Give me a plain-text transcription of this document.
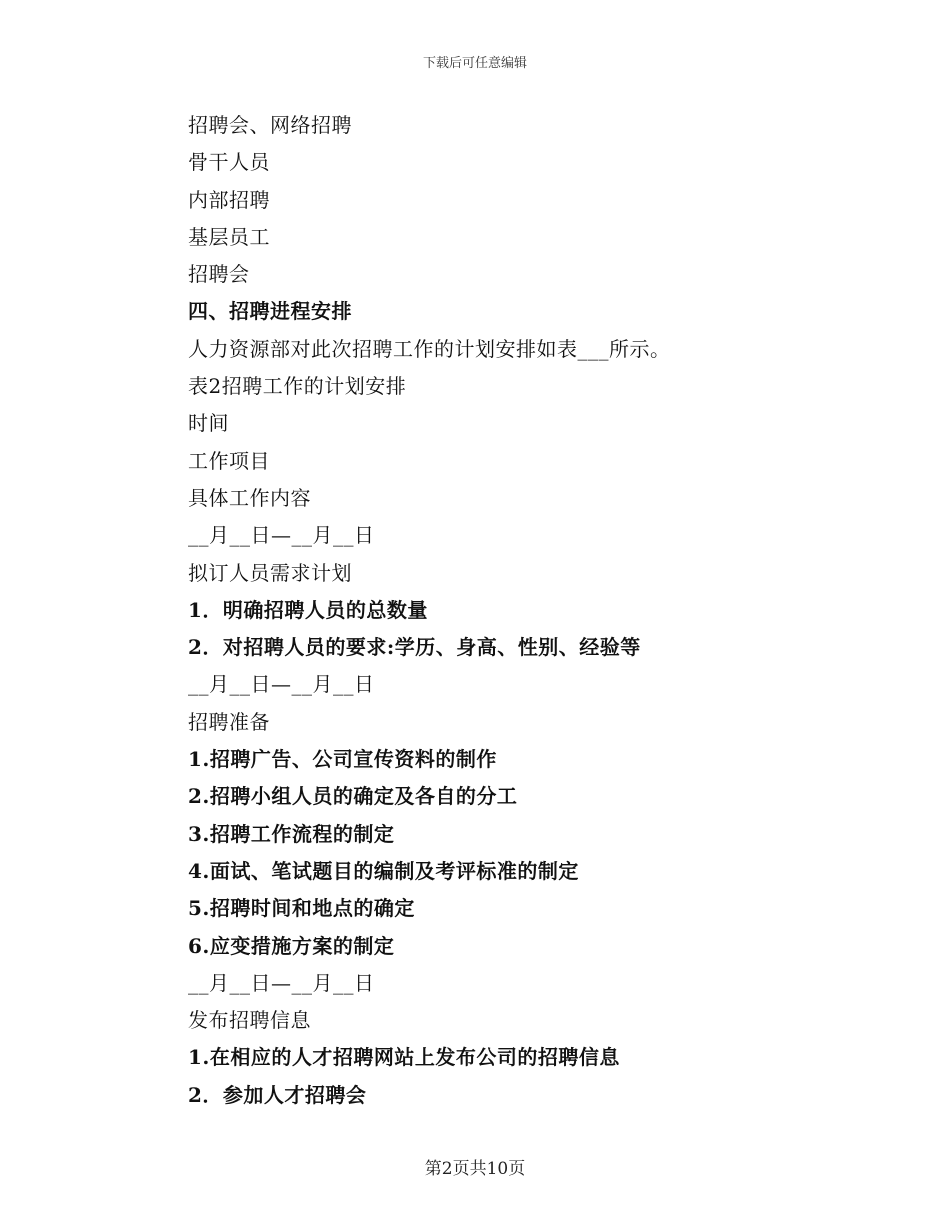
下载后可任意编辑
招聘会、网络招聘
骨干人员
内部招聘
基层员工
招聘会
四、招聘进程安排
人力资源部对此次招聘工作的计划安排如表___所示。
表2招聘工作的计划安排
时间
工作项目
具体工作内容
__月__日—__月__日
拟订人员需求计划
1．明确招聘人员的总数量
2．对招聘人员的要求:学历、身高、性别、经验等
__月__日—__月__日
招聘准备
1.招聘广告、公司宣传资料的制作
2.招聘小组人员的确定及各自的分工
3.招聘工作流程的制定
4.面试、笔试题目的编制及考评标准的制定
5.招聘时间和地点的确定
6.应变措施方案的制定
__月__日—__月__日
发布招聘信息
1.在相应的人才招聘网站上发布公司的招聘信息
2．参加人才招聘会
第2页共10页
